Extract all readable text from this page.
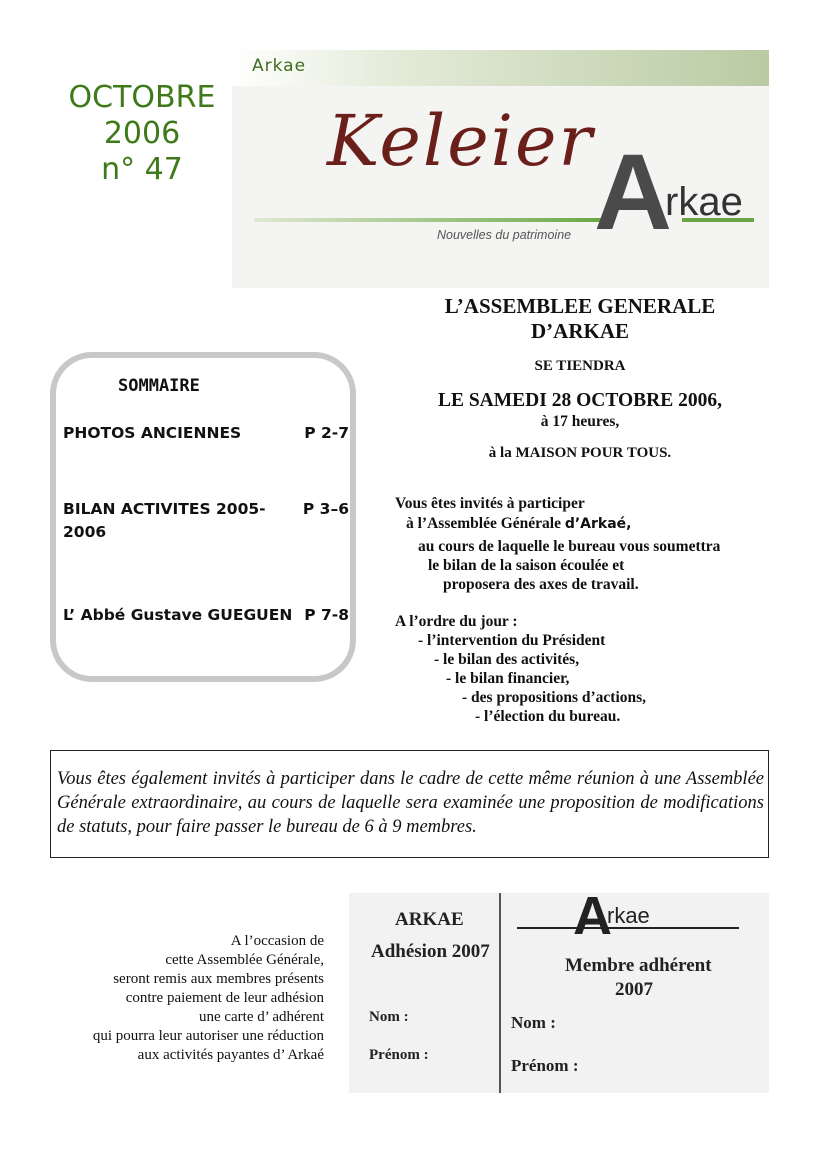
OCTOBRE
2006
n° 47
Arkae
Keleier A
rkae
Nouvelles du patrimoine
SOMMAIRE
PHOTOS ANCIENNES	P 2-7
BILAN ACTIVITES 2005-2006
P 3–6
L’ Abbé Gustave GUEGUEN P 7-8
L’ASSEMBLEE GENERALE
D’ARKAE
SE TIENDRA
LE SAMEDI 28 OCTOBRE 2006,
à 17 heures,
à la MAISON POUR TOUS.
Vous êtes invités à participer
à l’Assemblée Générale d’Arkaé,
au cours de laquelle le bureau vous soumettra
le bilan de la saison écoulée et
proposera des axes de travail.
A l’ordre du jour :
- l’intervention du Président
- le bilan des activités,
- le bilan financier,
- des propositions d’actions,
- l’élection du bureau.
Vous êtes également invités à participer dans le cadre de cette même réunion à une Assemblée Générale extraordinaire, au cours de laquelle sera examinée une proposition de modifications de statuts, pour faire passer le bureau de 6 à 9 membres.
A l’occasion de
cette Assemblée Générale,
seront remis aux membres présents
contre paiement de leur adhésion
une carte d’ adhérent
qui pourra leur autoriser une réduction
aux activités payantes d’ Arkaé
ARKAE
Adhésion 2007
Nom :
Prénom :
A
rkae
Membre adhérent
2007
Nom :
Prénom :
